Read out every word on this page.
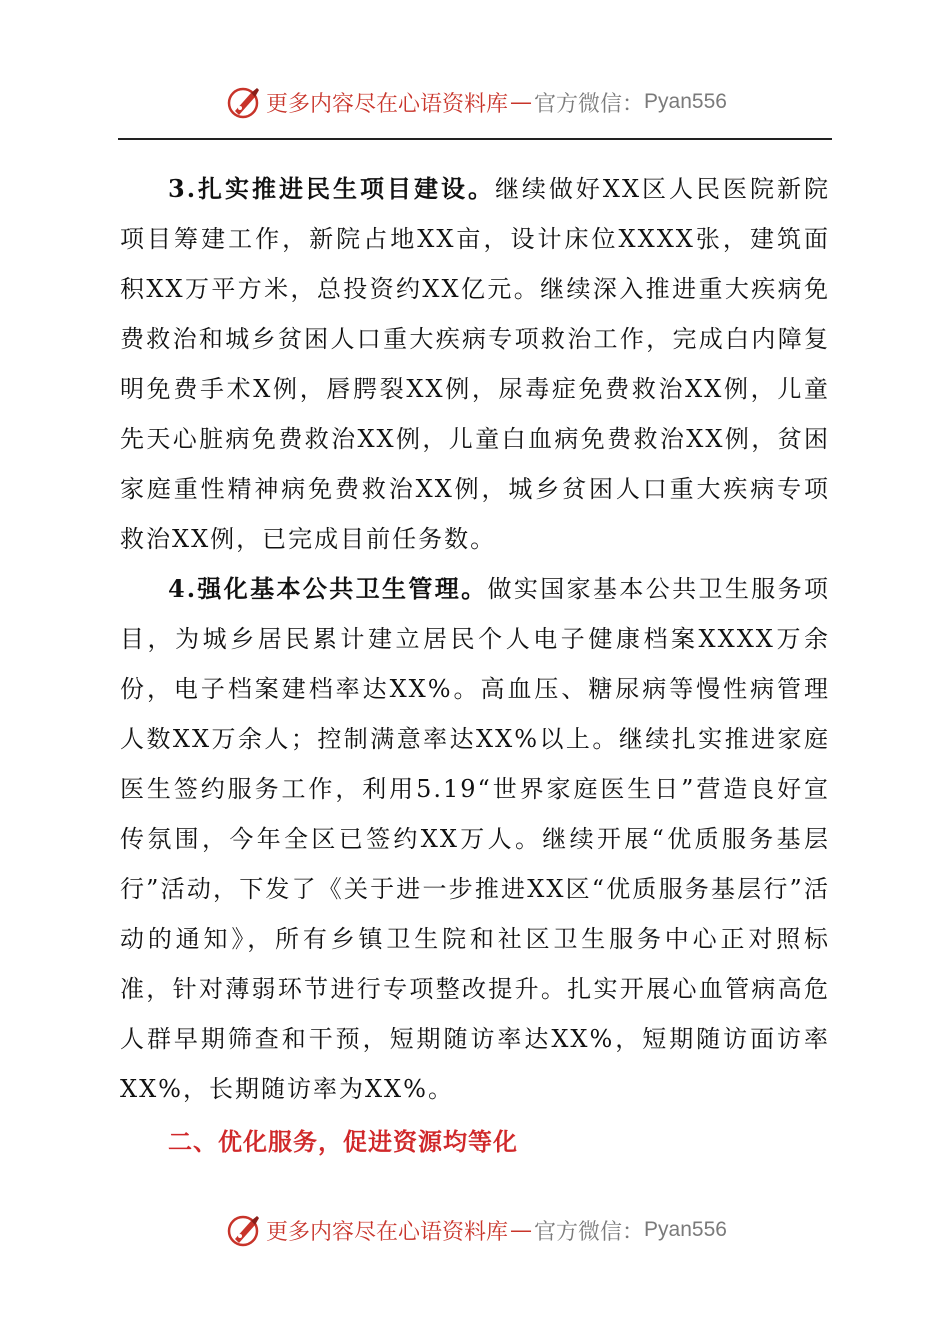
更多内容尽在心语资料库 — 官方微信： Pyan556

3.扎实推进民生项目建设。继续做好XX区人民医院新院项目筹建工作，新院占地XX亩，设计床位XXXX张，建筑面积XX万平方米，总投资约XX亿元。继续深入推进重大疾病免费救治和城乡贫困人口重大疾病专项救治工作，完成白内障复明免费手术X例，唇腭裂XX例，尿毒症免费救治XX例，儿童先天心脏病免费救治XX例，儿童白血病免费救治XX例，贫困家庭重性精神病免费救治XX例，城乡贫困人口重大疾病专项救治XX例，已完成目前任务数。

4.强化基本公共卫生管理。做实国家基本公共卫生服务项目，为城乡居民累计建立居民个人电子健康档案XXXX万余份，电子档案建档率达XX%。高血压、糖尿病等慢性病管理人数XX万余人；控制满意率达XX%以上。继续扎实推进家庭医生签约服务工作，利用5.19“世界家庭医生日”营造良好宣传氛围，今年全区已签约XX万人。继续开展“优质服务基层行”活动，下发了《关于进一步推进XX区“优质服务基层行”活动的通知》，所有乡镇卫生院和社区卫生服务中心正对照标准，针对薄弱环节进行专项整改提升。扎实开展心血管病高危人群早期筛查和干预，短期随访率达XX%，短期随访面访率XX%，长期随访率为XX%。

二、优化服务，促进资源均等化

更多内容尽在心语资料库 — 官方微信： Pyan556
